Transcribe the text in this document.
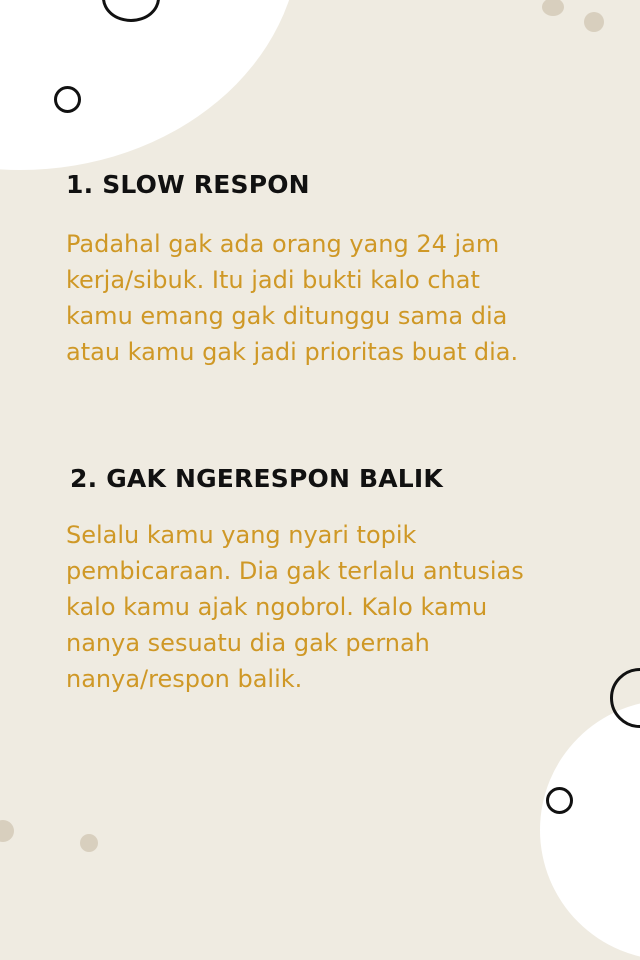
1. SLOW RESPON

Padahal gak ada orang yang 24 jam
kerja/sibuk. Itu jadi bukti kalo chat
kamu emang gak ditunggu sama dia
atau kamu gak jadi prioritas buat dia.

2. GAK NGERESPON BALIK

Selalu kamu yang nyari topik
pembicaraan. Dia gak terlalu antusias
kalo kamu ajak ngobrol. Kalo kamu
nanya sesuatu dia gak pernah
nanya/respon balik.
